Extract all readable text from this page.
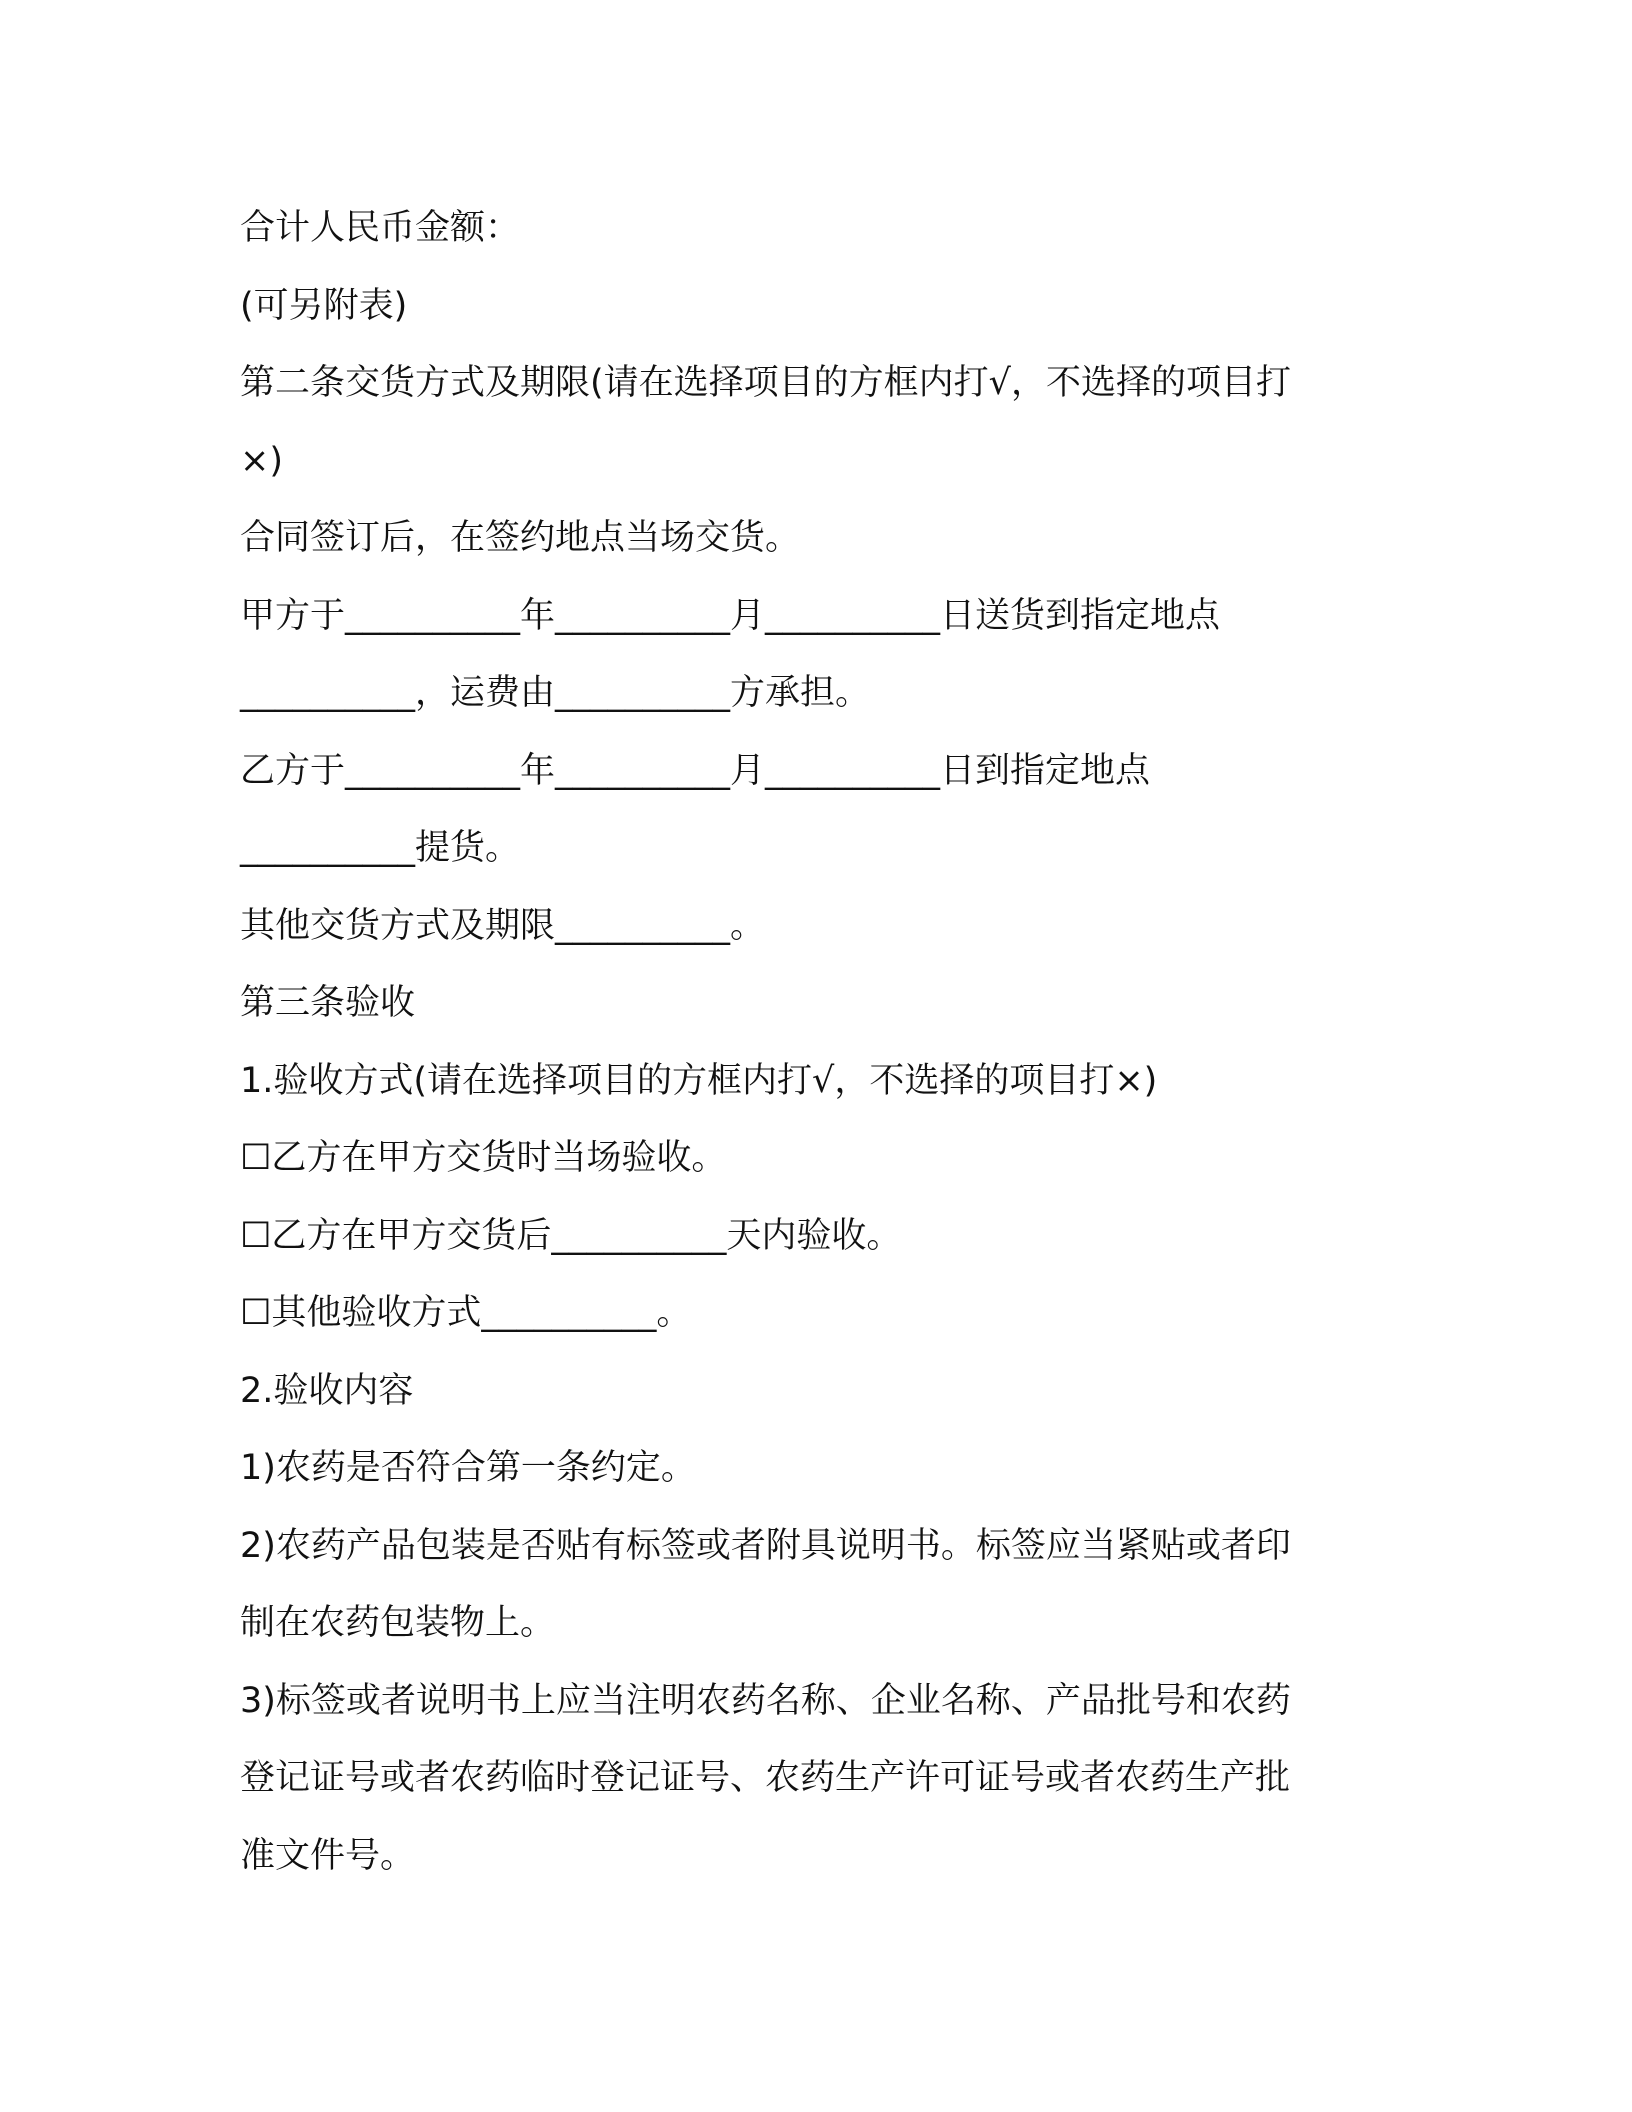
合计人民币金额：
(可另附表)
第二条交货方式及期限(请在选择项目的方框内打√，不选择的项目打
×)
合同签订后，在签约地点当场交货。
甲方于__________年__________月__________日送货到指定地点
__________，运费由__________方承担。
乙方于__________年__________月__________日到指定地点
__________提货。
其他交货方式及期限__________。
第三条验收
1.验收方式(请在选择项目的方框内打√，不选择的项目打×)
☐乙方在甲方交货时当场验收。
☐乙方在甲方交货后__________天内验收。
☐其他验收方式__________。
2.验收内容
1)农药是否符合第一条约定。
2)农药产品包装是否贴有标签或者附具说明书。标签应当紧贴或者印
制在农药包装物上。
3)标签或者说明书上应当注明农药名称、企业名称、产品批号和农药
登记证号或者农药临时登记证号、农药生产许可证号或者农药生产批
准文件号。
